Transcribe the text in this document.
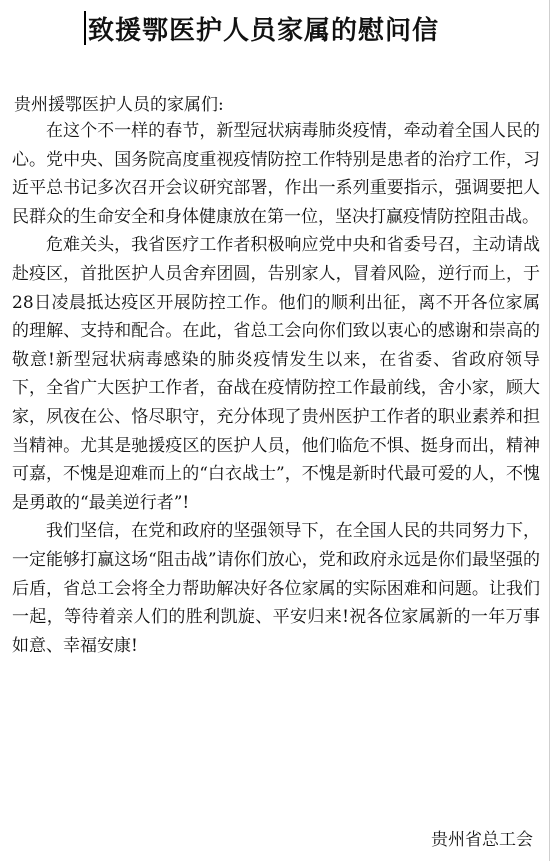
致援鄂医护人员家属的慰问信
贵州援鄂医护人员的家属们:

在这个不一样的春节，新型冠状病毒肺炎疫情，牵动着全国人民的心。党中央、国务院高度重视疫情防控工作特别是患者的治疗工作，习近平总书记多次召开会议研究部署，作出一系列重要指示，强调要把人民群众的生命安全和身体健康放在第一位，坚决打赢疫情防控阻击战。

危难关头，我省医疗工作者积极响应党中央和省委号召，主动请战赴疫区，首批医护人员舍弃团圆，告别家人，冒着风险，逆行而上，于28日凌晨抵达疫区开展防控工作。他们的顺利出征，离不开各位家属的理解、支持和配合。在此，省总工会向你们致以衷心的感谢和崇高的敬意!新型冠状病毒感染的肺炎疫情发生以来，在省委、省政府领导下，全省广大医护工作者，奋战在疫情防控工作最前线，舍小家，顾大家，夙夜在公、恪尽职守，充分体现了贵州医护工作者的职业素养和担当精神。尤其是驰援疫区的医护人员，他们临危不惧、挺身而出，精神可嘉，不愧是迎难而上的“白衣战士”，不愧是新时代最可爱的人，不愧是勇敢的“最美逆行者”!

我们坚信，在党和政府的坚强领导下，在全国人民的共同努力下，一定能够打赢这场“阻击战”请你们放心，党和政府永远是你们最坚强的后盾，省总工会将全力帮助解决好各位家属的实际困难和问题。让我们一起，等待着亲人们的胜利凯旋、平安归来!祝各位家属新的一年万事如意、幸福安康!

贵州省总工会
